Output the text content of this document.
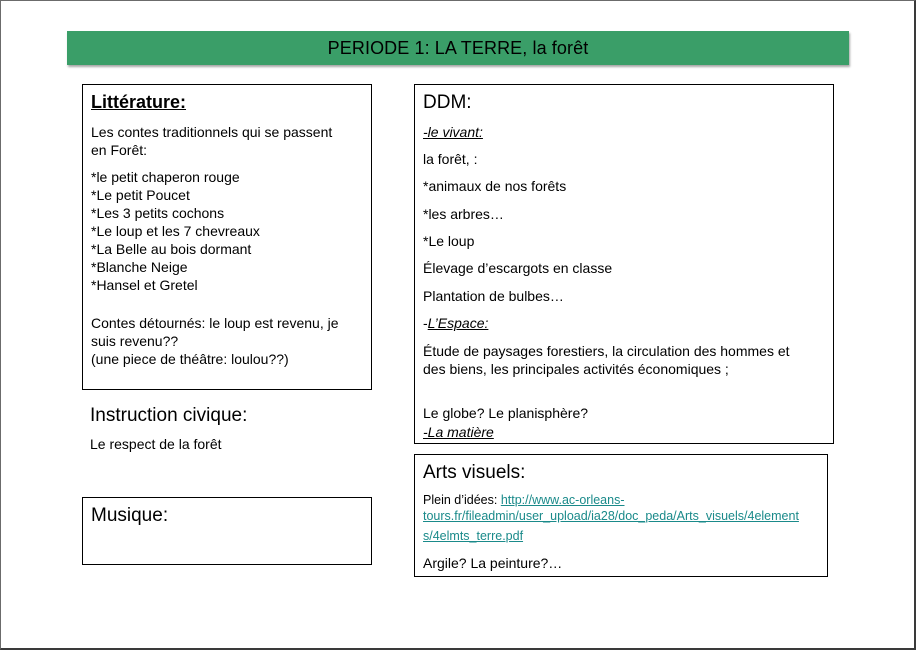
PERIODE 1: LA TERRE, la forêt

Littérature:

Les contes traditionnels qui se passent

en Forêt:

*le petit chaperon rouge

*Le petit Poucet

*Les 3 petits cochons

*Le loup et les 7 chevreaux

*La Belle au bois dormant

*Blanche Neige

*Hansel et Gretel

Contes détournés: le loup est revenu, je

suis revenu??

(une piece de théâtre: loulou??)

Instruction civique:

Le respect de la forêt

Musique:

DDM:

-le vivant:

la forêt, :

*animaux de nos forêts

*les arbres…

*Le loup

Élevage d’escargots en classe

Plantation de bulbes…

-L’Espace:

Étude de paysages forestiers, la circulation des hommes et

des biens, les principales activités économiques ;

Le globe? Le planisphère?

-La matière

Arts visuels:

Plein d’idées: http://www.ac-orleans-

tours.fr/fileadmin/user_upload/ia28/doc_peda/Arts_visuels/4element

s/4elmts_terre.pdf

Argile? La peinture?…
